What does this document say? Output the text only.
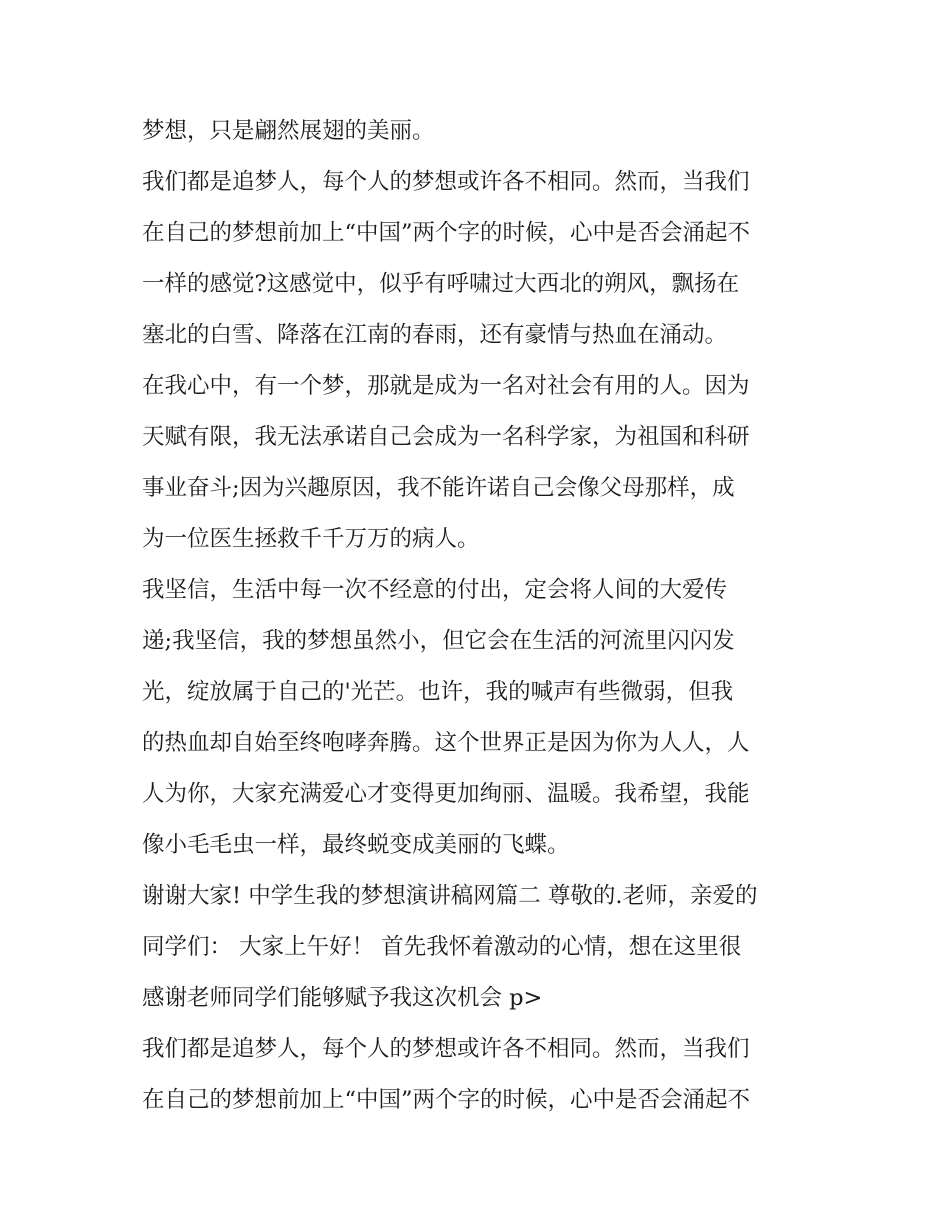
梦想，只是翩然展翅的美丽。
我们都是追梦人，每个人的梦想或许各不相同。然而，当我们
在自己的梦想前加上“中国”两个字的时候，心中是否会涌起不
一样的感觉?这感觉中，似乎有呼啸过大西北的朔风，飘扬在
塞北的白雪、降落在江南的春雨，还有豪情与热血在涌动。
在我心中，有一个梦，那就是成为一名对社会有用的人。因为
天赋有限，我无法承诺自己会成为一名科学家，为祖国和科研
事业奋斗;因为兴趣原因，我不能许诺自己会像父母那样，成
为一位医生拯救千千万万的病人。
我坚信，生活中每一次不经意的付出，定会将人间的大爱传
递;我坚信，我的梦想虽然小，但它会在生活的河流里闪闪发
光，绽放属于自己的'光芒。也许，我的喊声有些微弱，但我
的热血却自始至终咆哮奔腾。这个世界正是因为你为人人，人
人为你，大家充满爱心才变得更加绚丽、温暖。我希望，我能
像小毛毛虫一样，最终蜕变成美丽的飞蝶。
谢谢大家! 中学生我的梦想演讲稿网篇二 尊敬的.老师，亲爱的
同学们： 大家上午好！ 首先我怀着激动的心情，想在这里很
感谢老师同学们能够赋予我这次机会 p>
我们都是追梦人，每个人的梦想或许各不相同。然而，当我们
在自己的梦想前加上“中国”两个字的时候，心中是否会涌起不
